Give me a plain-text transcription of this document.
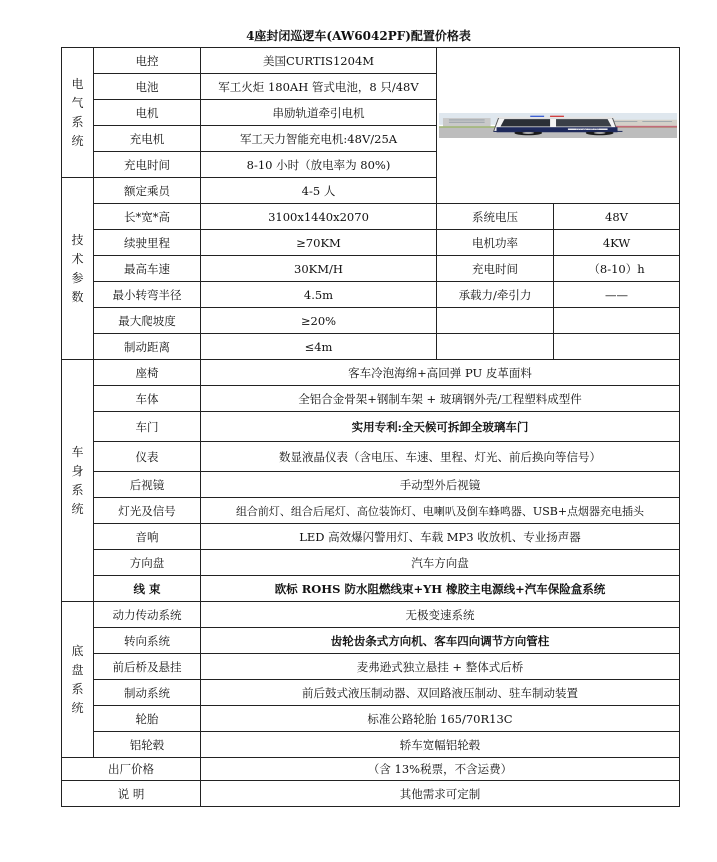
4座封闭巡逻车(AW6042PF)配置价格表
电
气
系
统	电控	美国CURTIS1204M	治安巡逻	

	电池	军工火炬 180AH 管式电池，8 只/48V		
	电机	串励轨道牵引电机		
	充电机	军工天力智能充电机:48V/25A		
	充电时间	8-10 小时（放电率为 80%)		
技
术
参
数	额定乘员	4-5 人		
	长*宽*高	3100x1440x2070	系统电压	48V
	续驶里程	≥70KM	电机功率	4KW
	最高车速	30KM/H	充电时间	（8-10）h
	最小转弯半径	4.5m	承载力/牵引力	——
	最大爬坡度	≥20%		
	制动距离	≤4m		
车
身
系
统	座椅	客车冷泡海绵+高回弹 PU 皮革面料		
	车体	全铝合金骨架+钢制车架 + 玻璃钢外壳/工程塑料成型件		
	车门	实用专利:全天候可拆卸全玻璃车门		
	仪表	数显液晶仪表（含电压、车速、里程、灯光、前后换向等信号）		
	后视镜	手动型外后视镜		
	灯光及信号	组合前灯、组合后尾灯、高位装饰灯、电喇叭及倒车蜂鸣器、USB+点烟器充电插头		
	音响	LED 高效爆闪警用灯、车载 MP3 收放机、专业扬声器		
	方向盘	汽车方向盘		
	线 束	欧标 ROHS 防水阻燃线束+YH 橡胶主电源线+汽车保险盒系统		
底
盘
系
统	动力传动系统	无极变速系统		
	转向系统	齿轮齿条式方向机、客车四向调节方向管柱		
	前后桥及悬挂	麦弗逊式独立悬挂 + 整体式后桥		
	制动系统	前后鼓式液压制动器、双回路液压制动、驻车制动装置		
	轮胎	标准公路轮胎 165/70R13C		
	铝轮毂	轿车宽幅铝轮毂		
出厂价格		（含 13%税票，不含运费）		
说 明		其他需求可定制		
